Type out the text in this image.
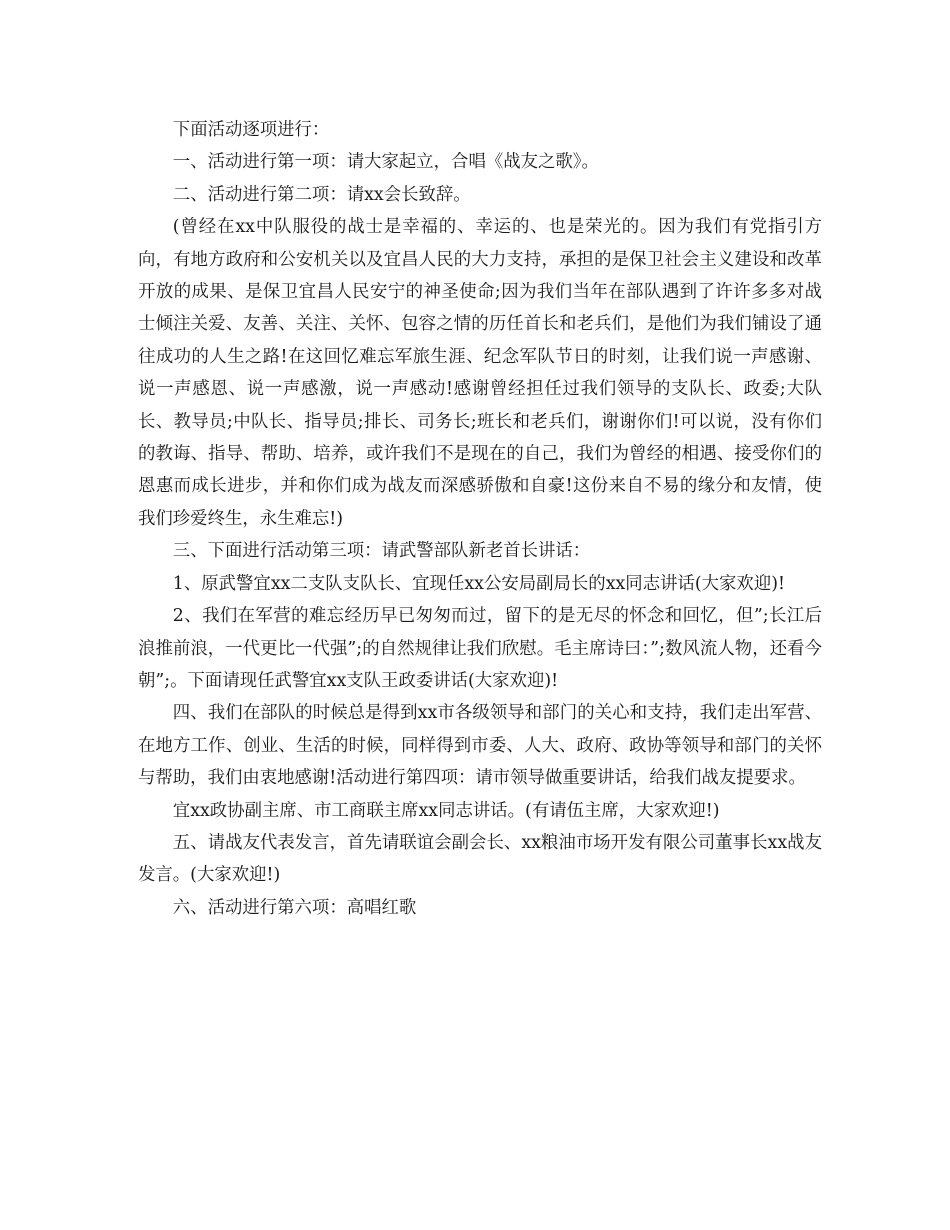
下面活动逐项进行：

一、活动进行第一项：请大家起立，合唱《战友之歌》。

二、活动进行第二项：请xx会长致辞。

(曾经在xx中队服役的战士是幸福的、幸运的、也是荣光的。因为我们有党指引方向，有地方政府和公安机关以及宜昌人民的大力支持，承担的是保卫社会主义建设和改革开放的成果、是保卫宜昌人民安宁的神圣使命;因为我们当年在部队遇到了许许多多对战士倾注关爱、友善、关注、关怀、包容之情的历任首长和老兵们，是他们为我们铺设了通往成功的人生之路!在这回忆难忘军旅生涯、纪念军队节日的时刻，让我们说一声感谢、说一声感恩、说一声感激，说一声感动!感谢曾经担任过我们领导的支队长、政委;大队长、教导员;中队长、指导员;排长、司务长;班长和老兵们，谢谢你们!可以说，没有你们的教诲、指导、帮助、培养，或许我们不是现在的自己，我们为曾经的相遇、接受你们的恩惠而成长进步，并和你们成为战友而深感骄傲和自豪!这份来自不易的缘分和友情，使我们珍爱终生，永生难忘!)

三、下面进行活动第三项：请武警部队新老首长讲话：

1、原武警宜xx二支队支队长、宜现任xx公安局副局长的xx同志讲话(大家欢迎)!

2、我们在军营的难忘经历早已匆匆而过，留下的是无尽的怀念和回忆，但”;长江后浪推前浪，一代更比一代强”;的自然规律让我们欣慰。毛主席诗曰：”;数风流人物，还看今朝”;。下面请现任武警宜xx支队王政委讲话(大家欢迎)!

四、我们在部队的时候总是得到xx市各级领导和部门的关心和支持，我们走出军营、在地方工作、创业、生活的时候，同样得到市委、人大、政府、政协等领导和部门的关怀与帮助，我们由衷地感谢!活动进行第四项：请市领导做重要讲话，给我们战友提要求。

宜xx政协副主席、市工商联主席xx同志讲话。(有请伍主席，大家欢迎!)

五、请战友代表发言，首先请联谊会副会长、xx粮油市场开发有限公司董事长xx战友发言。(大家欢迎!)

六、活动进行第六项：高唱红歌
